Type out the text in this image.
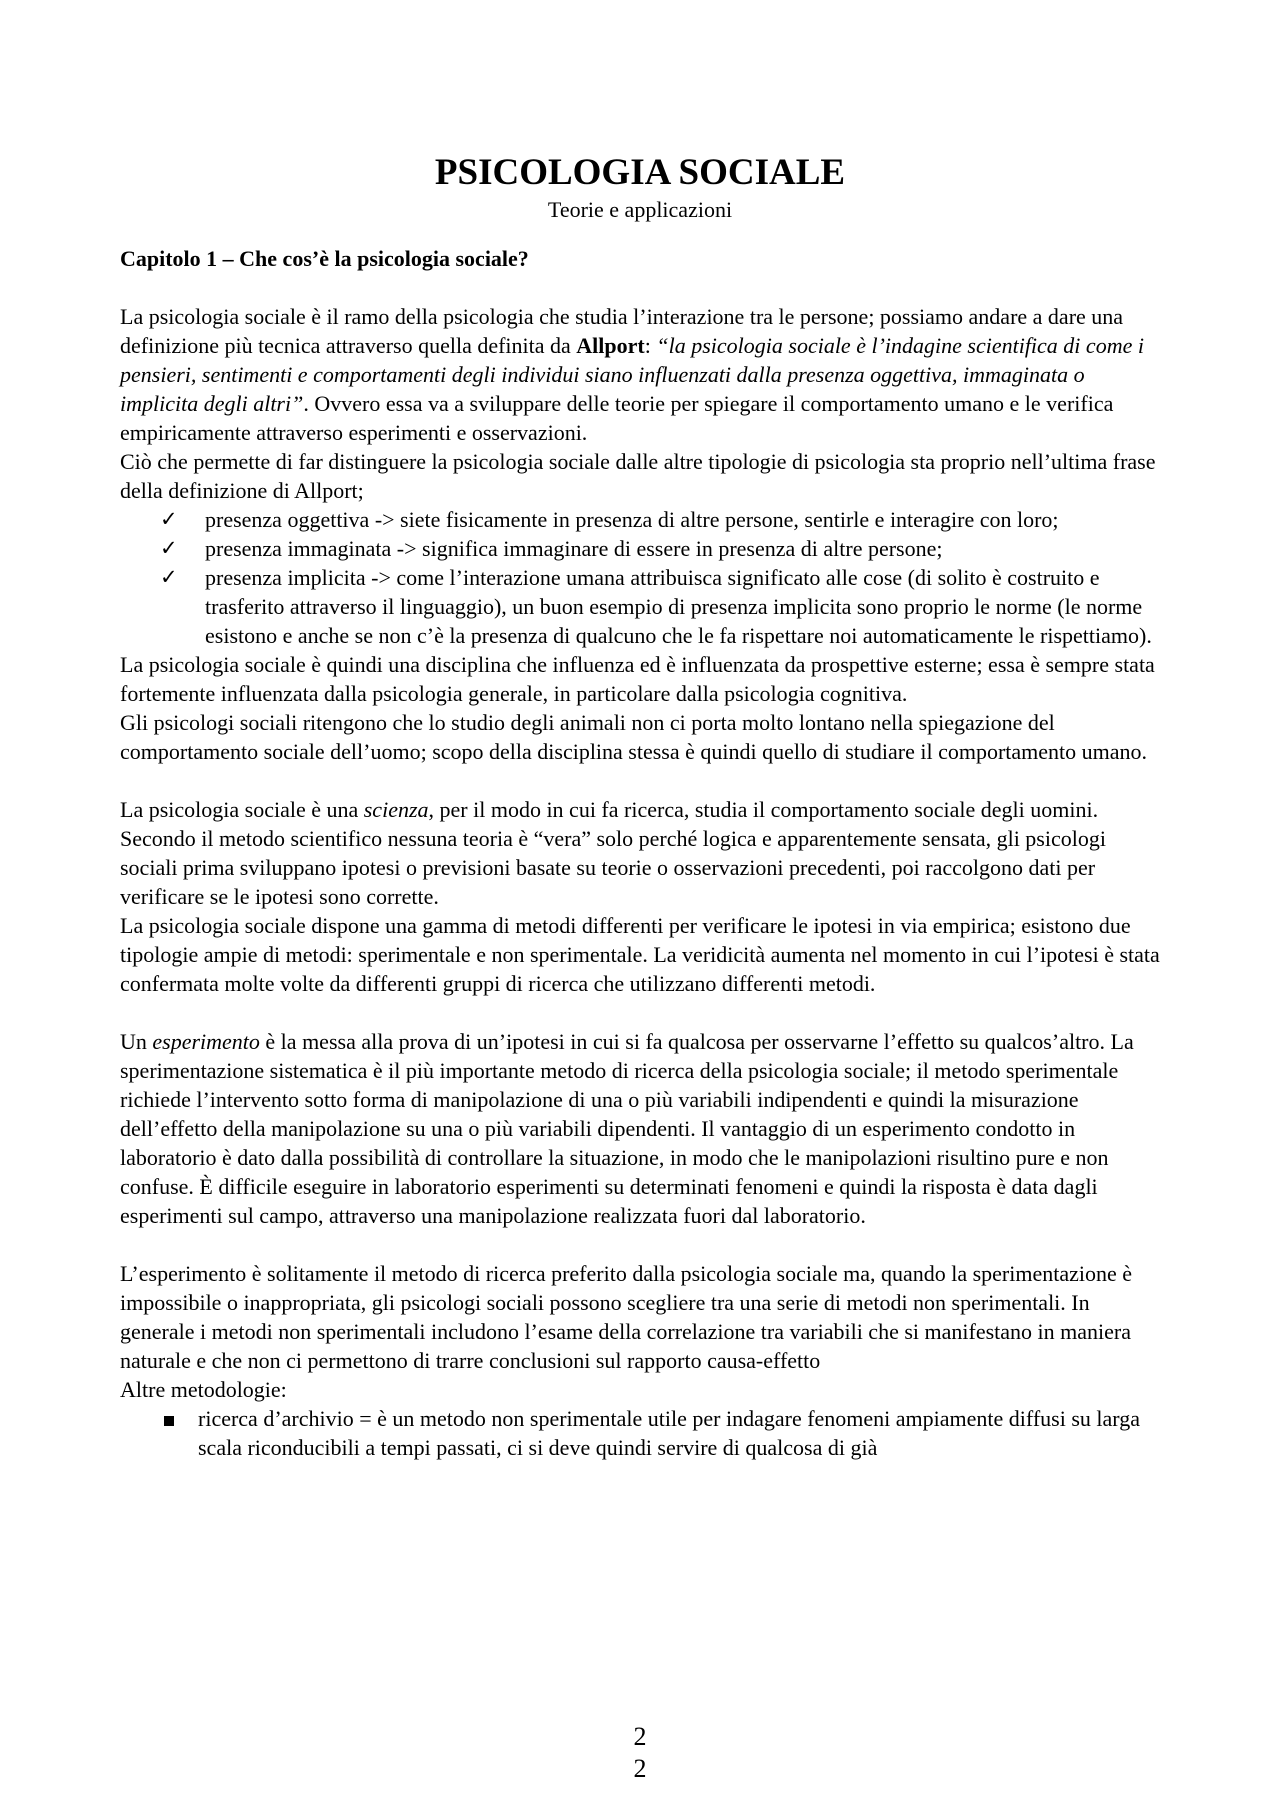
PSICOLOGIA SOCIALE
Teorie e applicazioni
Capitolo 1 – Che cos’è la psicologia sociale?

La psicologia sociale è il ramo della psicologia che studia l’interazione tra le persone; possiamo andare a dare una definizione più tecnica attraverso quella definita da Allport: “la psicologia sociale è l’indagine scientifica di come i pensieri, sentimenti e comportamenti degli individui siano influenzati dalla presenza oggettiva, immaginata o implicita degli altri”. Ovvero essa va a sviluppare delle teorie per spiegare il comportamento umano e le verifica empiricamente attraverso esperimenti e osservazioni.

Ciò che permette di far distinguere la psicologia sociale dalle altre tipologie di psicologia sta proprio nell’ultima frase della definizione di Allport;

✓	presenza oggettiva -> siete fisicamente in presenza di altre persone, sentirle e interagire con loro;
✓	presenza immaginata -> significa immaginare di essere in presenza di altre persone;
✓	presenza implicita -> come l’interazione umana attribuisca significato alle cose (di solito è costruito e trasferito attraverso il linguaggio), un buon esempio di presenza implicita sono proprio le norme (le norme esistono e anche se non c’è la presenza di qualcuno che le fa rispettare noi automaticamente le rispettiamo).

La psicologia sociale è quindi una disciplina che influenza ed è influenzata da prospettive esterne; essa è sempre stata fortemente influenzata dalla psicologia generale, in particolare dalla psicologia cognitiva.

Gli psicologi sociali ritengono che lo studio degli animali non ci porta molto lontano nella spiegazione del comportamento sociale dell’uomo; scopo della disciplina stessa è quindi quello di studiare il comportamento umano.

La psicologia sociale è una scienza, per il modo in cui fa ricerca, studia il comportamento sociale degli uomini. Secondo il metodo scientifico nessuna teoria è “vera” solo perché logica e apparentemente sensata, gli psicologi sociali prima sviluppano ipotesi o previsioni basate su teorie o osservazioni precedenti, poi raccolgono dati per verificare se le ipotesi sono corrette.

La psicologia sociale dispone una gamma di metodi differenti per verificare le ipotesi in via empirica; esistono due tipologie ampie di metodi: sperimentale e non sperimentale. La veridicità aumenta nel momento in cui l’ipotesi è stata confermata molte volte da differenti gruppi di ricerca che utilizzano differenti metodi.

Un esperimento è la messa alla prova di un’ipotesi in cui si fa qualcosa per osservarne l’effetto su qualcos’altro. La sperimentazione sistematica è il più importante metodo di ricerca della psicologia sociale; il metodo sperimentale richiede l’intervento sotto forma di manipolazione di una o più variabili indipendenti e quindi la misurazione dell’effetto della manipolazione su una o più variabili dipendenti. Il vantaggio di un esperimento condotto in laboratorio è dato dalla possibilità di controllare la situazione, in modo che le manipolazioni risultino pure e non confuse. È difficile eseguire in laboratorio esperimenti su determinati fenomeni e quindi la risposta è data dagli esperimenti sul campo, attraverso una manipolazione realizzata fuori dal laboratorio.

L’esperimento è solitamente il metodo di ricerca preferito dalla psicologia sociale ma, quando la sperimentazione è impossibile o inappropriata, gli psicologi sociali possono scegliere tra una serie di metodi non sperimentali. In generale i metodi non sperimentali includono l’esame della correlazione tra variabili che si manifestano in maniera naturale e che non ci permettono di trarre conclusioni sul rapporto causa-effetto

Altre metodologie:

ricerca d’archivio = è un metodo non sperimentale utile per indagare fenomeni ampiamente diffusi su larga scala riconducibili a tempi passati, ci si deve quindi servire di qualcosa di già
2
2
